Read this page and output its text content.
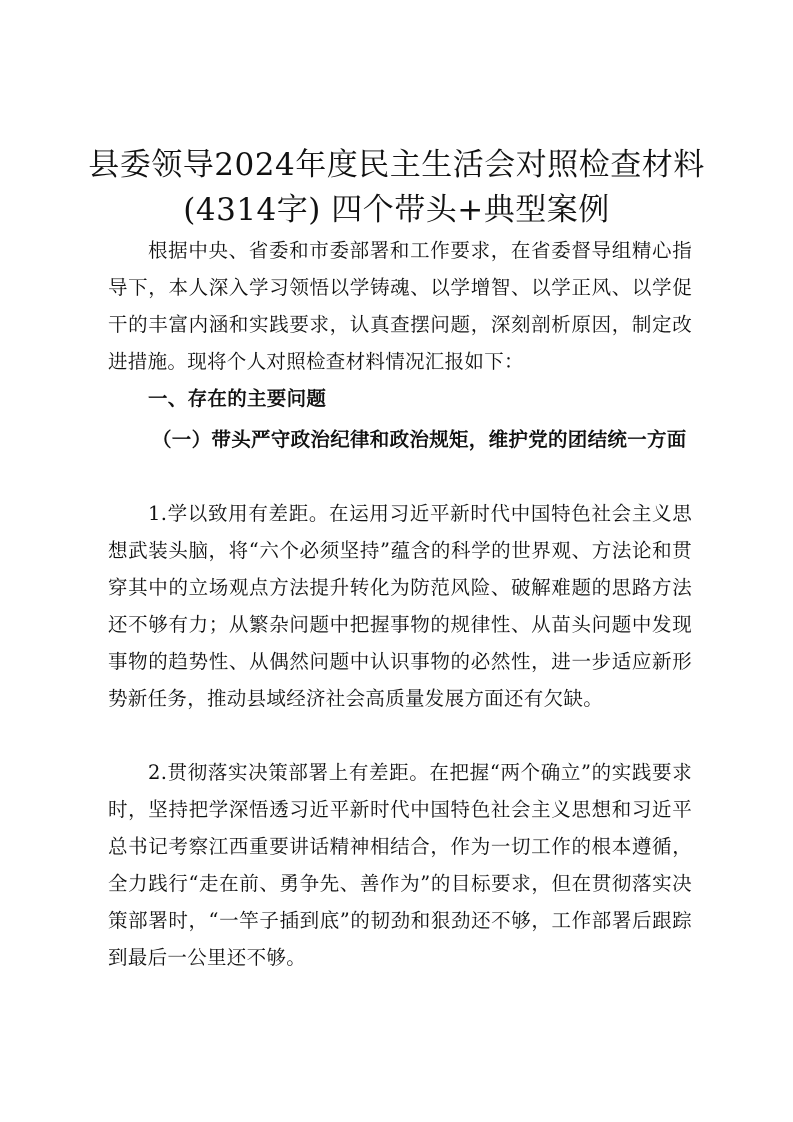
县委领导2024年度民主生活会对照检查材料
(4314字) 四个带头+典型案例

根据中央、省委和市委部署和工作要求，在省委督导组精心指导下，本人深入学习领悟以学铸魂、以学增智、以学正风、以学促干的丰富内涵和实践要求，认真查摆问题，深刻剖析原因，制定改进措施。现将个人对照检查材料情况汇报如下：

一、存在的主要问题

（一）带头严守政治纪律和政治规矩，维护党的团结统一方面

1.学以致用有差距。在运用习近平新时代中国特色社会主义思想武装头脑，将“六个必须坚持”蕴含的科学的世界观、方法论和贯穿其中的立场观点方法提升转化为防范风险、破解难题的思路方法还不够有力；从繁杂问题中把握事物的规律性、从苗头问题中发现事物的趋势性、从偶然问题中认识事物的必然性，进一步适应新形势新任务，推动县域经济社会高质量发展方面还有欠缺。

2.贯彻落实决策部署上有差距。在把握“两个确立”的实践要求时，坚持把学深悟透习近平新时代中国特色社会主义思想和习近平总书记考察江西重要讲话精神相结合，作为一切工作的根本遵循，全力践行“走在前、勇争先、善作为”的目标要求，但在贯彻落实决策部署时，“一竿子插到底”的韧劲和狠劲还不够，工作部署后跟踪到最后一公里还不够。
